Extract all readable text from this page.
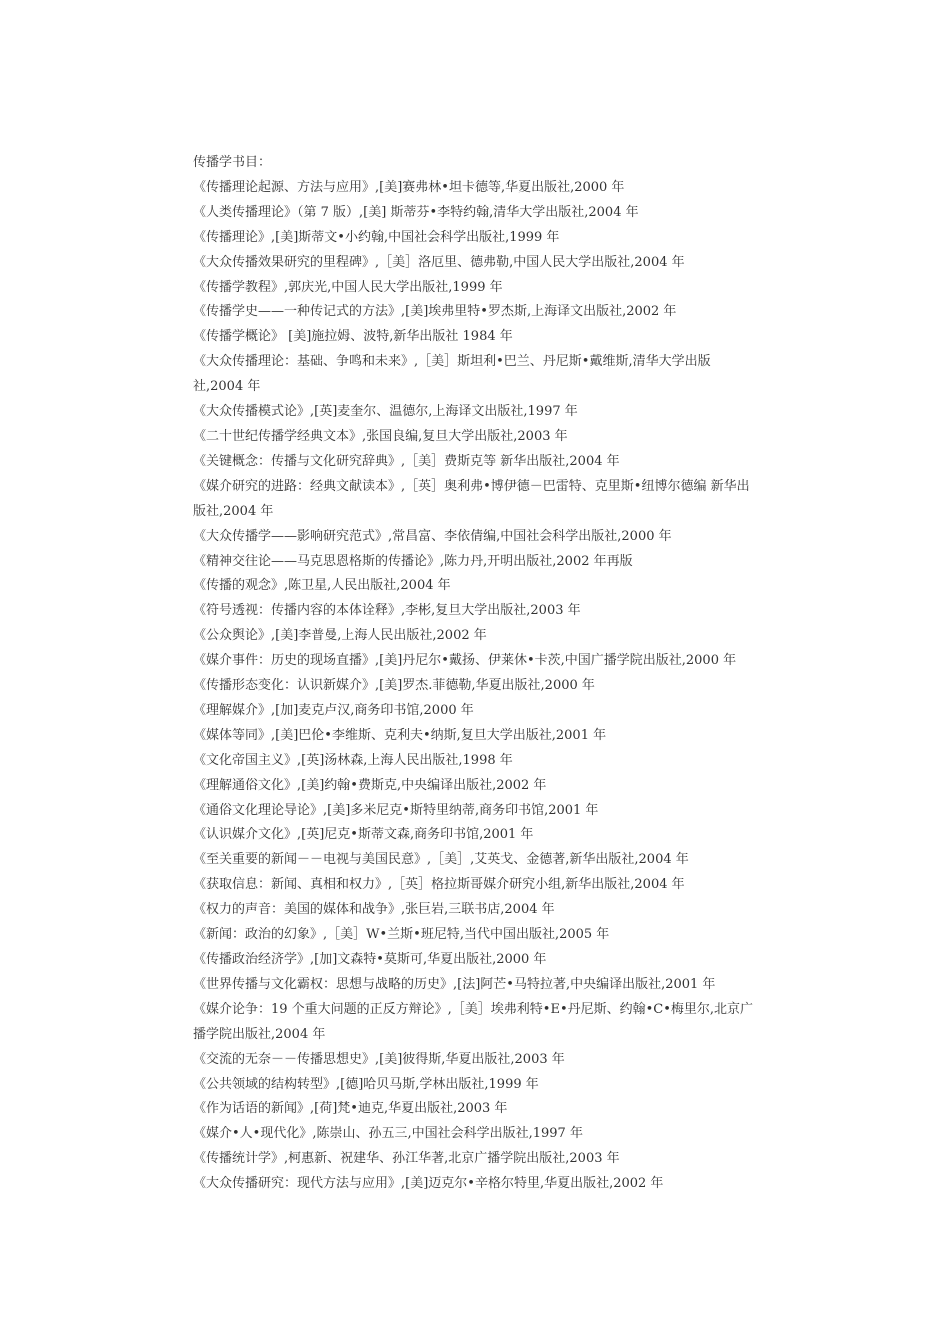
传播学书目：

《传播理论起源、方法与应用》,[美]赛弗林•坦卡德等,华夏出版社,2000 年

《人类传播理论》（第 7 版）,[美] 斯蒂芬•李特约翰,清华大学出版社,2004 年

《传播理论》,[美]斯蒂文•小约翰,中国社会科学出版社,1999 年

《大众传播效果研究的里程碑》,［美］洛厄里、德弗勒,中国人民大学出版社,2004 年

《传播学教程》,郭庆光,中国人民大学出版社,1999 年

《传播学史——一种传记式的方法》,[美]埃弗里特•罗杰斯,上海译文出版社,2002 年

《传播学概论》 [美]施拉姆、波特,新华出版社 1984 年

《大众传播理论：基础、争鸣和未来》,［美］斯坦利•巴兰、丹尼斯•戴维斯,清华大学出版

社,2004 年

《大众传播模式论》,[英]麦奎尔、温德尔,上海译文出版社,1997 年

《二十世纪传播学经典文本》,张国良编,复旦大学出版社,2003 年

《关键概念：传播与文化研究辞典》,［美］费斯克等 新华出版社,2004 年

《媒介研究的进路：经典文献读本》,［英］奥利弗•博伊德－巴雷特、克里斯•纽博尔德编 新华出

版社,2004 年

《大众传播学——影响研究范式》,常昌富、李依倩编,中国社会科学出版社,2000 年

《精神交往论——马克思恩格斯的传播论》,陈力丹,开明出版社,2002 年再版

《传播的观念》,陈卫星,人民出版社,2004 年

《符号透视：传播内容的本体诠释》,李彬,复旦大学出版社,2003 年

《公众舆论》,[美]李普曼,上海人民出版社,2002 年

《媒介事件：历史的现场直播》,[美]丹尼尔•戴扬、伊莱休•卡茨,中国广播学院出版社,2000 年

《传播形态变化：认识新媒介》,[美]罗杰.菲德勒,华夏出版社,2000 年

《理解媒介》,[加]麦克卢汉,商务印书馆,2000 年

《媒体等同》,[美]巴伦•李维斯、克利夫•纳斯,复旦大学出版社,2001 年

《文化帝国主义》,[英]汤林森,上海人民出版社,1998 年

《理解通俗文化》,[美]约翰•费斯克,中央编译出版社,2002 年

《通俗文化理论导论》,[美]多米尼克•斯特里纳蒂,商务印书馆,2001 年

《认识媒介文化》,[英]尼克•斯蒂文森,商务印书馆,2001 年

《至关重要的新闻－－电视与美国民意》,［美］,艾英戈、金德著,新华出版社,2004 年

《获取信息：新闻、真相和权力》,［英］格拉斯哥媒介研究小组,新华出版社,2004 年

《权力的声音：美国的媒体和战争》,张巨岩,三联书店,2004 年

《新闻：政治的幻象》,［美］W•兰斯•班尼特,当代中国出版社,2005 年

《传播政治经济学》,[加]文森特•莫斯可,华夏出版社,2000 年

《世界传播与文化霸权：思想与战略的历史》,[法]阿芒•马特拉著,中央编译出版社,2001 年

《媒介论争：19 个重大问题的正反方辩论》,［美］埃弗利特•E•丹尼斯、约翰•C•梅里尔,北京广

播学院出版社,2004 年

《交流的无奈－－传播思想史》,[美]彼得斯,华夏出版社,2003 年

《公共领域的结构转型》,[德]哈贝马斯,学林出版社,1999 年

《作为话语的新闻》,[荷]梵•迪克,华夏出版社,2003 年

《媒介•人•现代化》,陈崇山、孙五三,中国社会科学出版社,1997 年

《传播统计学》,柯惠新、祝建华、孙江华著,北京广播学院出版社,2003 年

《大众传播研究：现代方法与应用》,[美]迈克尔•辛格尔特里,华夏出版社,2002 年
